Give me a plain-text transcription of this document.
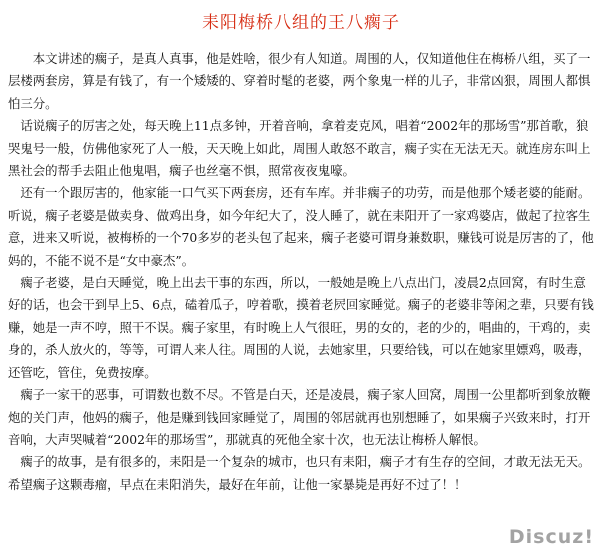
耒阳梅桥八组的王八瘸子

　　本文讲述的瘸子，是真人真事，他是姓啥，很少有人知道。周围的人，仅知道他住在梅桥八组，买了一层楼两套房，算是有钱了，有一个矮矮的、穿着时髦的老婆，两个象鬼一样的儿子，非常凶狠，周围人都惧怕三分。

　话说瘸子的厉害之处，每天晚上11点多钟，开着音响，拿着麦克风，唱着“2002年的那场雪”那首歌，狼哭鬼号一般，仿佛他家死了人一般，天天晚上如此，周围人敢怒不敢言，瘸子实在无法无天。就连房东叫上黑社会的帮手去阻止他鬼唱，瘸子也丝毫不惧，照常夜夜鬼嚎。

　还有一个跟厉害的，他家能一口气买下两套房，还有车库。并非瘸子的功劳，而是他那个矮老婆的能耐。听说，瘸子老婆是做卖身、做鸡出身，如今年纪大了，没人睡了，就在耒阳开了一家鸡婆店，做起了拉客生意，进来又听说，被梅桥的一个70多岁的老头包了起来，瘸子老婆可谓身兼数职，赚钱可说是厉害的了，他妈的，不能不说不是“女中豪杰”。

　瘸子老婆，是白天睡觉，晚上出去干事的东西，所以，一般她是晚上八点出门，凌晨2点回窝，有时生意好的话，也会干到早上5、6点，磕着瓜子，哼着歌，摸着老屄回家睡觉。瘸子的老婆非等闲之辈，只要有钱赚，她是一声不哼，照干不误。瘸子家里，有时晚上人气很旺，男的女的，老的少的，唱曲的，干鸡的，卖身的，杀人放火的，等等，可谓人来人往。周围的人说，去她家里，只要给钱，可以在她家里嫖鸡，吸毒，还管吃，管住，免费按摩。

　瘸子一家干的恶事，可谓数也数不尽。不管是白天，还是凌晨，瘸子家人回窝，周围一公里都听到象放鞭炮的关门声，他妈的瘸子，他是赚到钱回家睡觉了，周围的邻居就再也别想睡了，如果瘸子兴致来时，打开音响，大声哭喊着“2002年的那场雪”，那就真的死他全家十次，也无法让梅桥人解恨。

　瘸子的故事，是有很多的，耒阳是一个复杂的城市，也只有耒阳，瘸子才有生存的空间，才敢无法无天。希望瘸子这颗毒瘤，早点在耒阳消失，最好在年前，让他一家暴毙是再好不过了！！

Discuz!
